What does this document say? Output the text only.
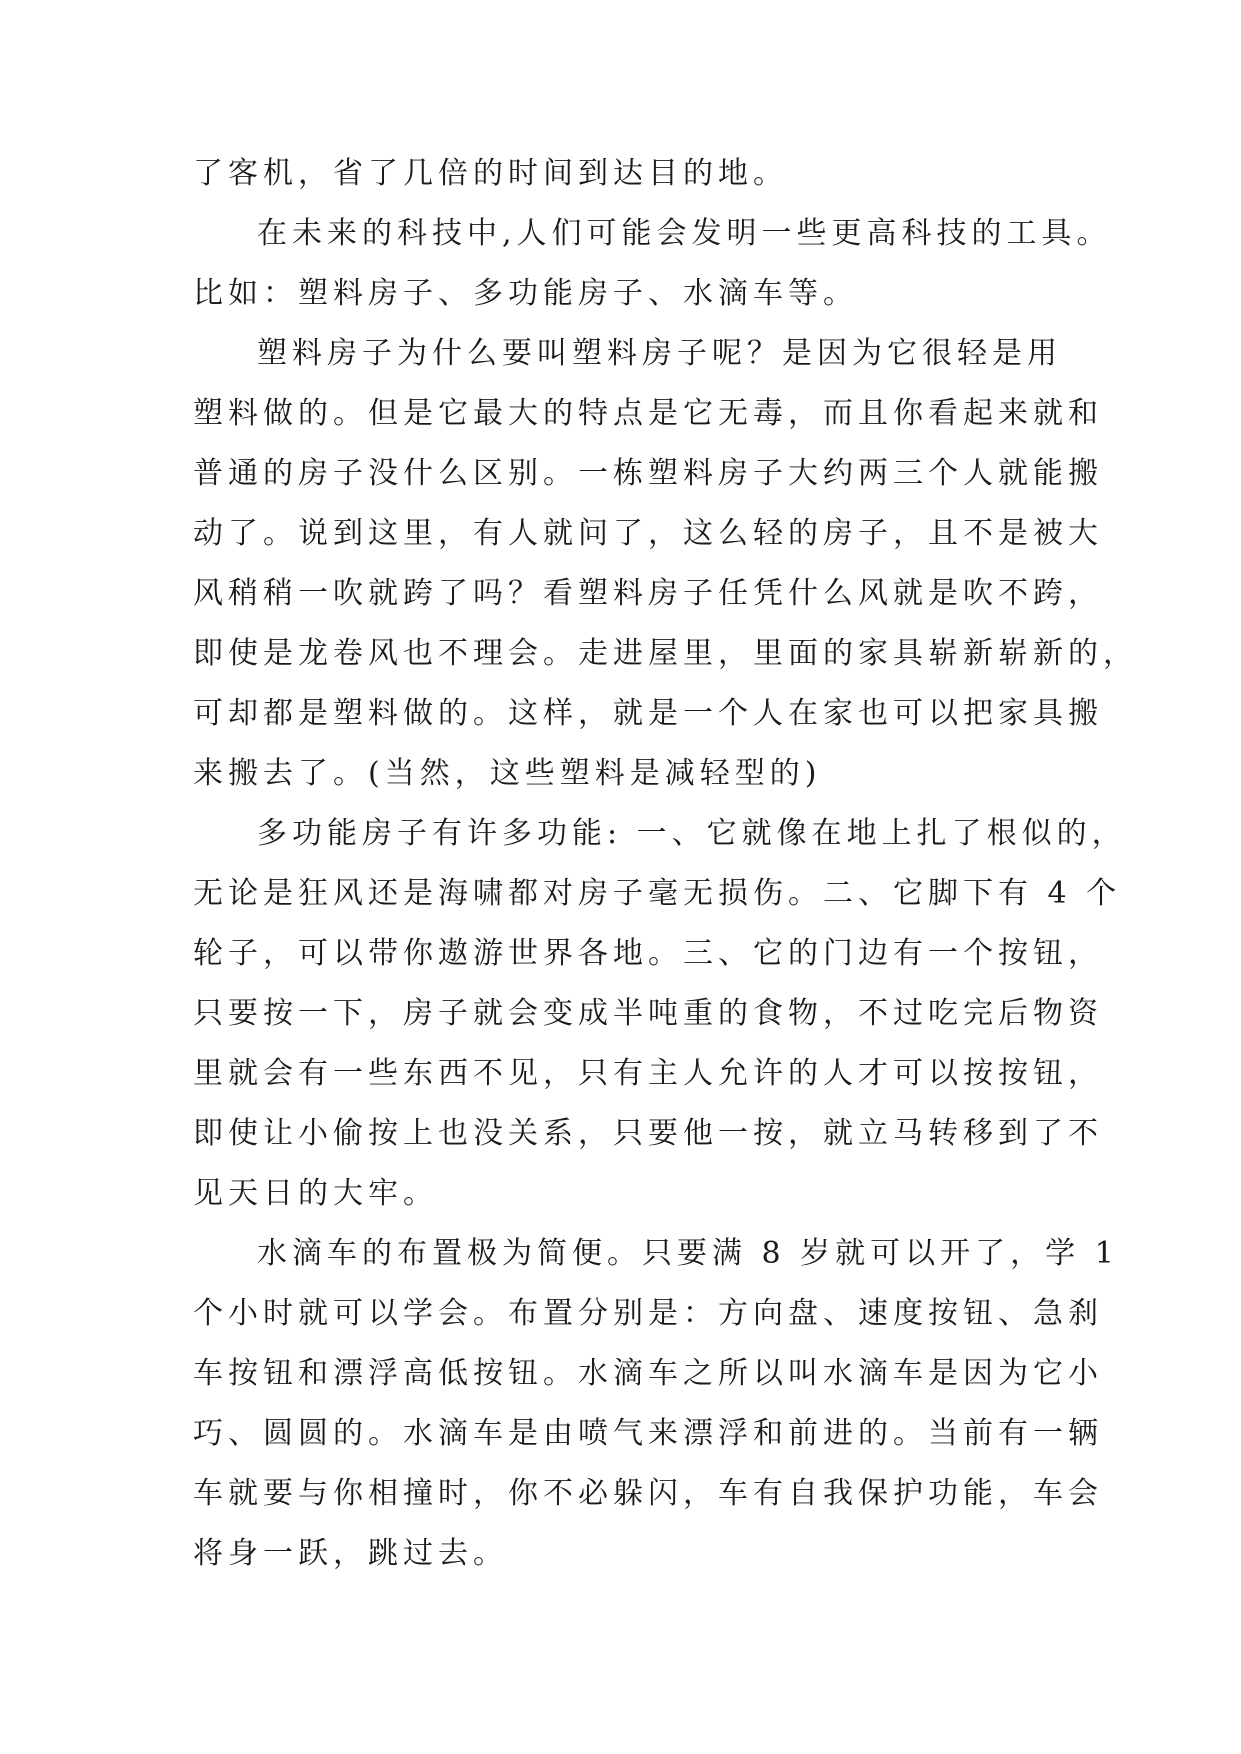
了客机，省了几倍的时间到达目的地。
在未来的科技中,人们可能会发明一些更高科技的工具。
比如：塑料房子、多功能房子、水滴车等。
塑料房子为什么要叫塑料房子呢？是因为它很轻是用
塑料做的。但是它最大的特点是它无毒，而且你看起来就和
普通的房子没什么区别。一栋塑料房子大约两三个人就能搬
动了。说到这里，有人就问了，这么轻的房子，且不是被大
风稍稍一吹就跨了吗？看塑料房子任凭什么风就是吹不跨，
即使是龙卷风也不理会。走进屋里，里面的家具崭新崭新的，
可却都是塑料做的。这样，就是一个人在家也可以把家具搬
来搬去了。(当然，这些塑料是减轻型的)
多功能房子有许多功能: 一、它就像在地上扎了根似的，
无论是狂风还是海啸都对房子毫无损伤。二、它脚下有 4 个
轮子，可以带你遨游世界各地。三、它的门边有一个按钮，
只要按一下，房子就会变成半吨重的食物，不过吃完后物资
里就会有一些东西不见，只有主人允许的人才可以按按钮，
即使让小偷按上也没关系，只要他一按，就立马转移到了不
见天日的大牢。
水滴车的布置极为简便。只要满 8 岁就可以开了，学 1
个小时就可以学会。布置分别是：方向盘、速度按钮、急刹
车按钮和漂浮高低按钮。水滴车之所以叫水滴车是因为它小
巧、圆圆的。水滴车是由喷气来漂浮和前进的。当前有一辆
车就要与你相撞时，你不必躲闪，车有自我保护功能，车会
将身一跃，跳过去。
